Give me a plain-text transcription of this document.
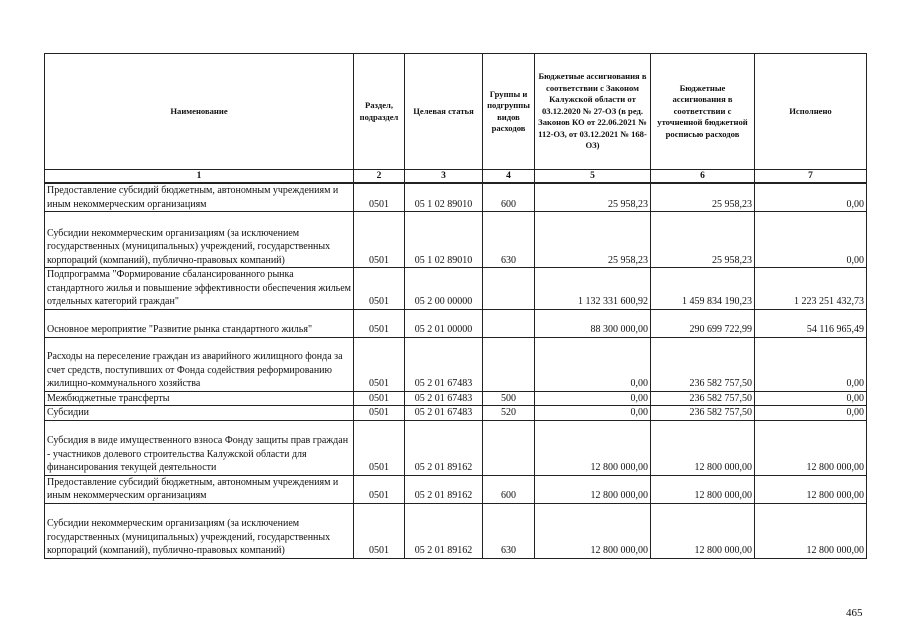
Наименование	Раздел, подраздел	Целевая статья	Группы и подгруппы видов расходов	Бюджетные ассигнования в соответствии с Законом Калужской области от 03.12.2020 № 27-ОЗ (в ред. Законов КО от 22.06.2021 № 112-ОЗ, от 03.12.2021 № 168-ОЗ)	Бюджетные ассигнования в соответствии с уточненной бюджетной росписью расходов	Исполнено
1	2	3	4	5	6	7
Предоставление субсидий бюджетным, автономным учреждениям и иным некоммерческим организациям	0501	05 1 02 89010	600	25 958,23	25 958,23	0,00
Субсидии некоммерческим организациям (за исключением государственных (муниципальных) учреждений, государственных корпораций (компаний), публично-правовых компаний)	0501	05 1 02 89010	630	25 958,23	25 958,23	0,00
Подпрограмма "Формирование сбалансированного рынка стандартного жилья и повышение эффективности обеспечения жильем отдельных категорий граждан"	0501	05 2 00 00000		1 132 331 600,92	1 459 834 190,23	1 223 251 432,73
Основное мероприятие "Развитие рынка стандартного жилья"	0501	05 2 01 00000		88 300 000,00	290 699 722,99	54 116 965,49
Расходы на переселение граждан из аварийного жилищного фонда за счет средств, поступивших от Фонда содействия реформированию жилищно-коммунального хозяйства	0501	05 2 01 67483		0,00	236 582 757,50	0,00
Межбюджетные трансферты	0501	05 2 01 67483	500	0,00	236 582 757,50	0,00
Субсидии	0501	05 2 01 67483	520	0,00	236 582 757,50	0,00
Субсидия в виде имущественного взноса Фонду защиты прав граждан - участников долевого строительства Калужской области для финансирования текущей деятельности	0501	05 2 01 89162		12 800 000,00	12 800 000,00	12 800 000,00
Предоставление субсидий бюджетным, автономным учреждениям и иным некоммерческим организациям	0501	05 2 01 89162	600	12 800 000,00	12 800 000,00	12 800 000,00
Субсидии некоммерческим организациям (за исключением государственных (муниципальных) учреждений, государственных корпораций (компаний), публично-правовых компаний)	0501	05 2 01 89162	630	12 800 000,00	12 800 000,00	12 800 000,00
465
